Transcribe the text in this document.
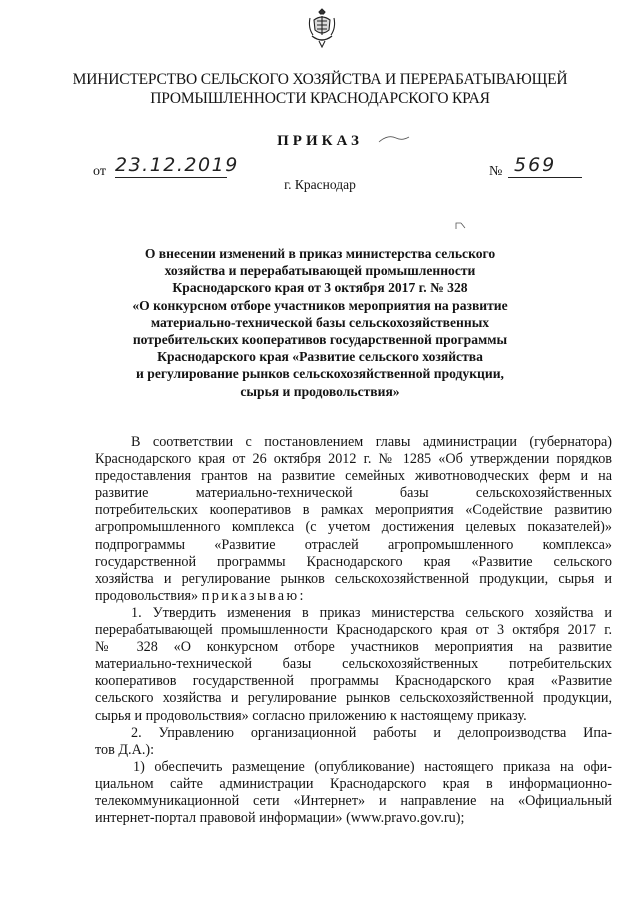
МИНИСТЕРСТВО СЕЛЬСКОГО ХОЗЯЙСТВА И ПЕРЕРАБАТЫВАЮЩЕЙ
ПРОМЫШЛЕННОСТИ КРАСНОДАРСКОГО КРАЯ
ПРИКАЗ
от 23.12.2019	№ 569
г. Краснодар
О внесении изменений в приказ министерства сельского
хозяйства и перерабатывающей промышленности
Краснодарского края от 3 октября 2017 г. № 328
«О конкурсном отборе участников мероприятия на развитие
материально-технической базы сельскохозяйственных
потребительских кооперативов государственной программы
Краснодарского края «Развитие сельского хозяйства
и регулирование рынков сельскохозяйственной продукции,
сырья и продовольствия»
В соответствии с постановлением главы администрации (губернатора)
Краснодарского края от 26 октября 2012 г. № 1285 «Об утверждении порядков
предоставления грантов на развитие семейных животноводческих ферм и на
развитие материально-технической базы сельскохозяйственных
потребительских кооперативов в рамках мероприятия «Содействие развитию
агропромышленного комплекса (с учетом достижения целевых показателей)»
подпрограммы «Развитие отраслей агропромышленного комплекса»
государственной программы Краснодарского края «Развитие сельского
хозяйства и регулирование рынков сельскохозяйственной продукции, сырья и
продовольствия» приказываю:
1. Утвердить изменения в приказ министерства сельского хозяйства и
перерабатывающей промышленности Краснодарского края от 3 октября 2017 г.
№ 328 «О конкурсном отборе участников мероприятия на развитие
материально-технической базы сельскохозяйственных потребительских
кооперативов государственной программы Краснодарского края «Развитие
сельского хозяйства и регулирование рынков сельскохозяйственной продукции,
сырья и продовольствия» согласно приложению к настоящему приказу.
2. Управлению организационной работы и делопроизводства Ипа-
тов Д.А.):
1) обеспечить размещение (опубликование) настоящего приказа на офи-
циальном сайте администрации Краснодарского края в информационно-
телекоммуникационной сети «Интернет» и направление на «Официальный
интернет-портал правовой информации» (www.pravo.gov.ru);
